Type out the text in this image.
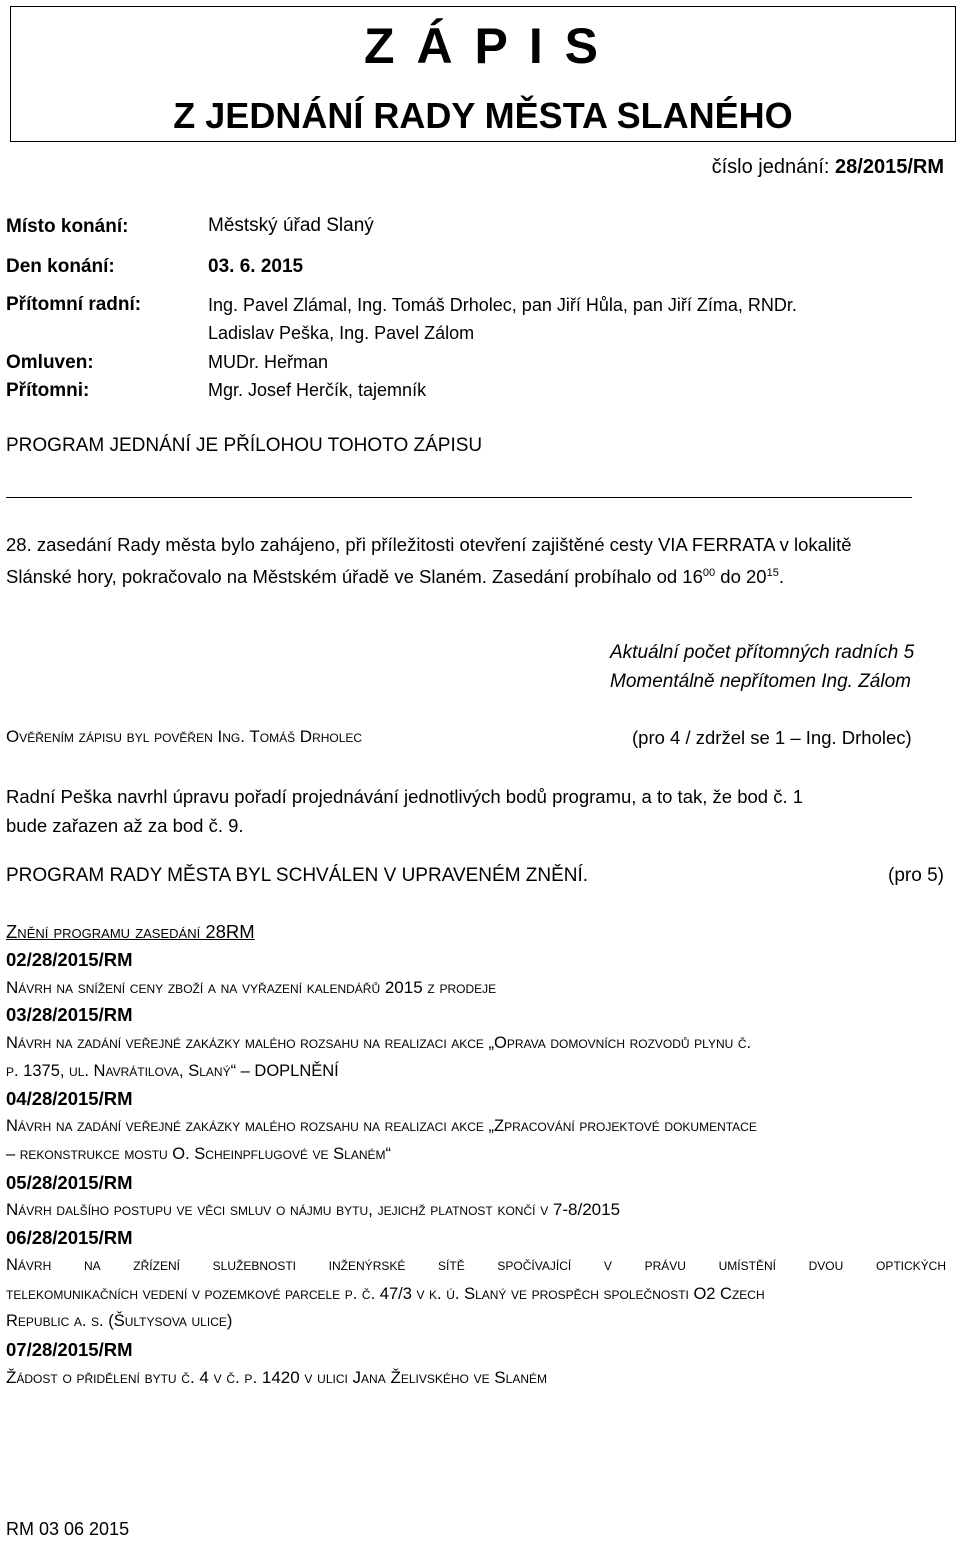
Z Á P I S
Z JEDNÁNÍ RADY MĚSTA SLANÉHO
číslo jednání: 28/2015/RM
Místo konání:	Městský úřad Slaný
Den konání:	03. 6. 2015
Přítomní radní:	Ing. Pavel Zlámal, Ing. Tomáš Drholec, pan Jiří Hůla, pan Jiří Zíma, RNDr.
Ladislav Peška, Ing. Pavel Zálom
Omluven:	MUDr. Heřman
Přítomni:	Mgr. Josef Herčík, tajemník
PROGRAM JEDNÁNÍ JE PŘÍLOHOU TOHOTO ZÁPISU
28. zasedání Rady města bylo zahájeno, při příležitosti otevření zajištěné cesty VIA FERRATA v lokalitě
Slánské hory, pokračovalo na Městském úřadě ve Slaném. Zasedání probíhalo od $16^{00}$ do $20^{15}$.
Aktuální počet přítomných radních 5
Momentálně nepřítomen Ing. Zálom
Ověřením zápisu byl pověřen Ing. Tomáš Drholec	(pro 4 / zdržel se 1 – Ing. Drholec)
Radní Peška navrhl úpravu pořadí projednávání jednotlivých bodů programu, a to tak, že bod č. 1
bude zařazen až za bod č. 9.
PROGRAM RADY MĚSTA BYL SCHVÁLEN V UPRAVENÉM ZNĚNÍ.	(pro 5)
Znění programu zasedání 28RM
02/28/2015/RM
Návrh na snížení ceny zboží a na vyřazení kalendářů 2015 z prodeje
03/28/2015/RM
Návrh na zadání veřejné zakázky malého rozsahu na realizaci akce „Oprava domovních rozvodů plynu č.
p. 1375, ul. Navrátilova, Slaný“ – DOPLNĚNÍ
04/28/2015/RM
Návrh na zadání veřejné zakázky malého rozsahu na realizaci akce „Zpracování projektové dokumentace
– rekonstrukce mostu O. Scheinpflugové ve Slaném“
05/28/2015/RM
Návrh dalšího postupu ve věci smluv o nájmu bytu, jejichž platnost končí v 7-8/2015
06/28/2015/RM
Návrh na zřízení služebnosti inženýrské sítě spočívající v právu umístění dvou optických
telekomunikačních vedení v pozemkové parcele p. č. 47/3 v k. ú. Slaný ve prospěch společnosti O2 Czech
Republic a. s. (Šultysova ulice)
07/28/2015/RM
Žádost o přidělení bytu č. 4 v č. p. 1420 v ulici Jana Želivského ve Slaném
RM 03 06 2015
